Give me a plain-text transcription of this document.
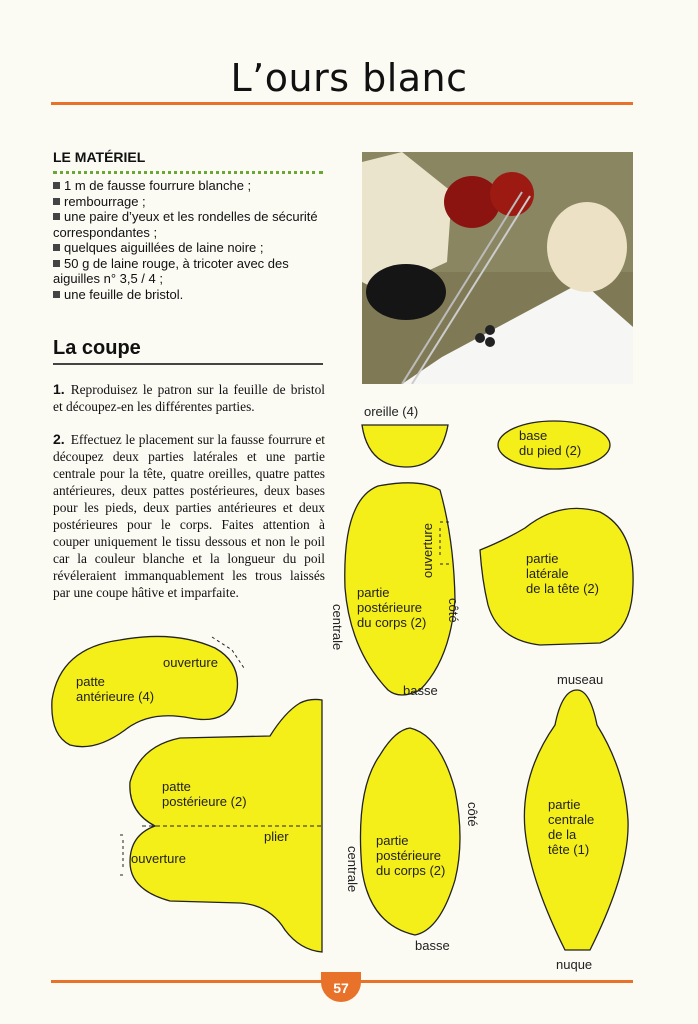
L’ours blanc
LE MATÉRIEL
1 m de fausse fourrure blanche ;
rembourrage ;
une paire d’yeux et les rondelles de sécurité correspondantes ;
quelques aiguillées de laine noire ;
50 g de laine rouge, à tricoter avec des aiguilles n° 3,5 / 4 ;
une feuille de bristol.
La coupe

1. Reproduisez le patron sur la feuille de bristol et découpez-en les différentes parties.

2. Effectuez le placement sur la fausse fourrure et découpez deux parties latérales et une partie centrale pour la tête, quatre oreilles, quatre pattes antérieures, deux pattes postérieures, deux bases pour les pieds, deux parties antérieures et deux postérieures pour le corps. Faites attention à couper uniquement le tissu dessous et non le poil car la couleur blanche et la longueur du poil révéleraient immanquablement les trous laissés par une coupe hâtive et imparfaite.

oreille (4)
base
du pied (2)
partie
postérieure
du corps (2)
ouverture
côté
centrale
basse
partie
latérale
de la tête (2)
ouverture
patte
antérieure (4)
patte
postérieure (2)
plier
ouverture
partie
postérieure
du corps (2)
côté
centrale
basse
museau
partie
centrale
de la
tête (1)
nuque
57
